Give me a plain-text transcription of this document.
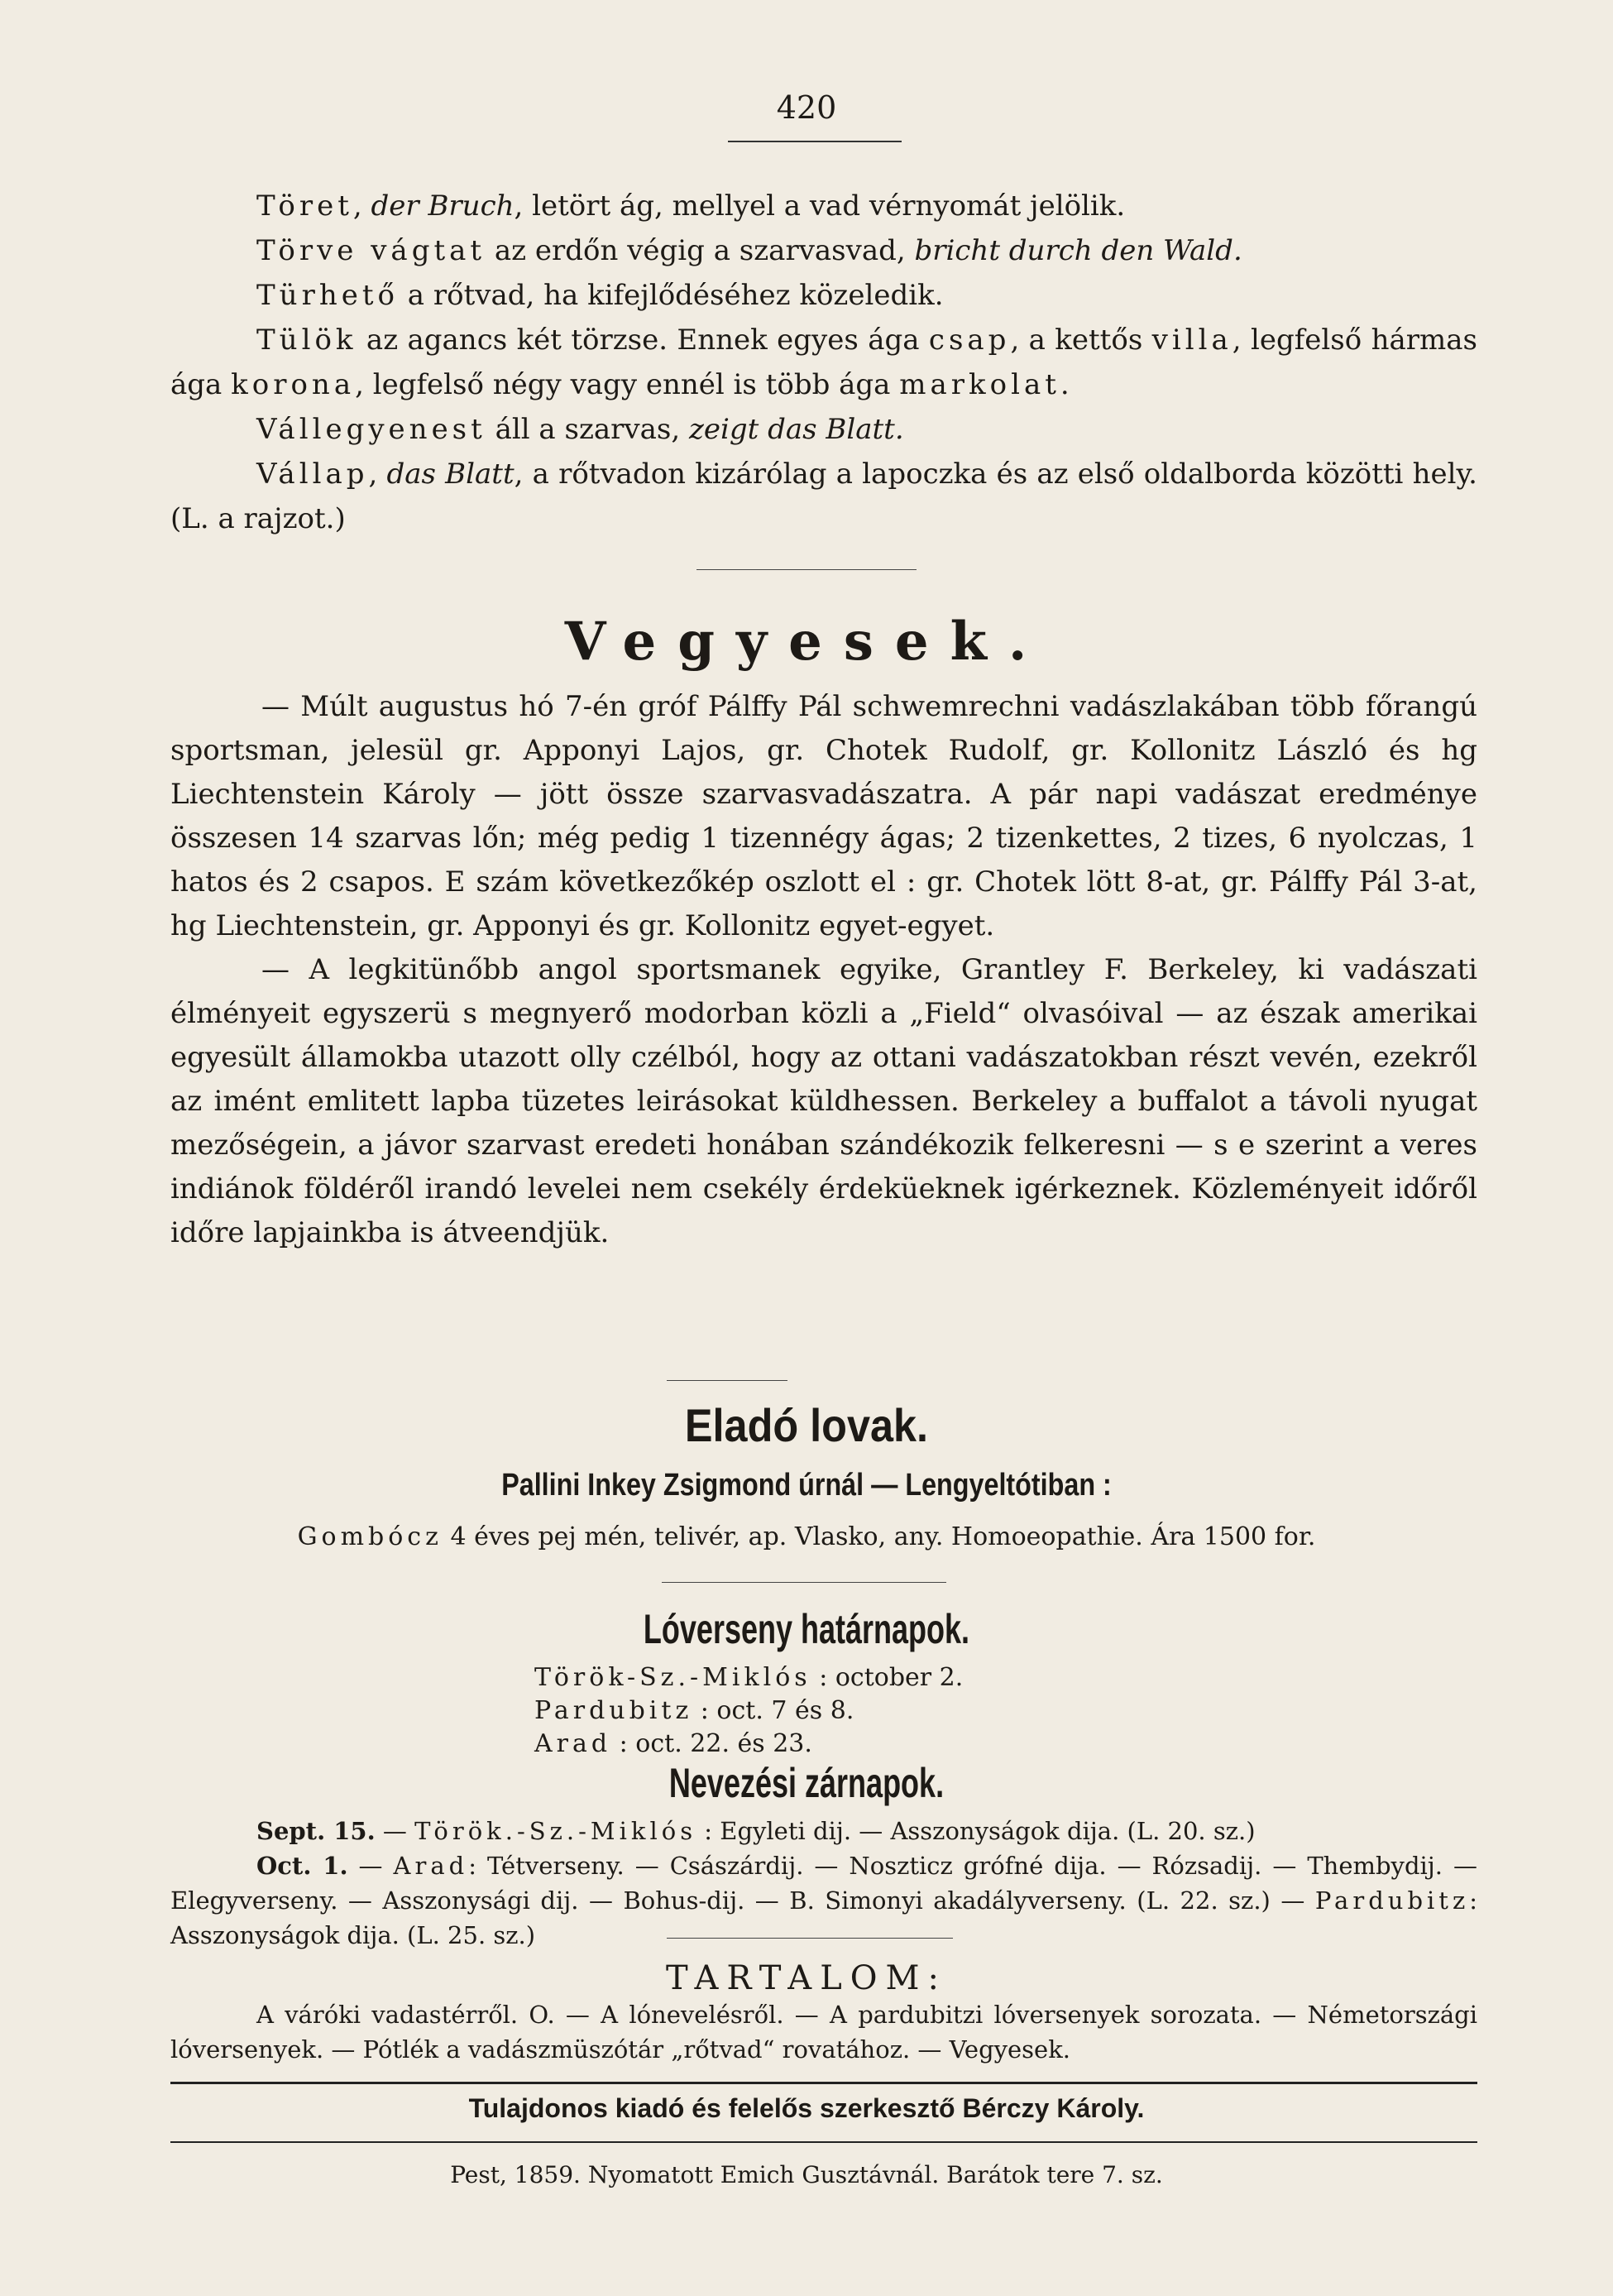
420

Töret, der Bruch, letört ág, mellyel a vad vérnyomát jelölik.

Törve vágtat az erdőn végig a szarvasvad, bricht durch den Wald.

Türhető a rőtvad, ha kifejlődéséhez közeledik.

Tülök az agancs két törzse. Ennek egyes ága csap, a kettős villa, legfelső hármas ága korona, legfelső négy vagy ennél is több ága markolat.

Vállegyenest áll a szarvas, zeigt das Blatt.

Vállap, das Blatt, a rőtvadon kizárólag a lapoczka és az első oldalborda közötti hely. (L. a rajzot.)

Vegyesek.

— Múlt augustus hó 7-én gróf Pálffy Pál schwemrechni vadászlakában több főrangú sportsman, jelesül gr. Apponyi Lajos, gr. Chotek Rudolf, gr. Kollonitz László és hg Liechtenstein Károly — jött össze szarvasvadászatra. A pár napi vadászat eredménye összesen 14 szarvas lőn; még pedig 1 tizennégy ágas; 2 tizenkettes, 2 tizes, 6 nyolczas, 1 hatos és 2 csapos. E szám következőkép oszlott el : gr. Chotek lött 8-at, gr. Pálffy Pál 3-at, hg Liechtenstein, gr. Apponyi és gr. Kollonitz egyet-egyet.

— A legkitünőbb angol sportsmanek egyike, Grantley F. Berkeley, ki vadászati élményeit egyszerü s megnyerő modorban közli a „Field“ olvasóival — az észak amerikai egyesült államokba utazott olly czélból, hogy az ottani vadászatokban részt vevén, ezekről az imént emlitett lapba tüzetes leirásokat küldhessen. Berkeley a buffalot a távoli nyugat mezőségein, a jávor szarvast eredeti honában szándékozik felkeresni — s e szerint a veres indiánok földéről irandó levelei nem csekély érdeküeknek igérkeznek. Közleményeit időről időre lapjainkba is átveendjük.

Eladó lovak.
Pallini Inkey Zsigmond úrnál — Lengyeltótiban :
Gombócz 4 éves pej mén, telivér, ap. Vlasko, any. Homoeopathie. Ára 1500 for.
Lóverseny határnapok.
Török-Sz.-Miklós : october 2.
Pardubitz : oct. 7 és 8.
Arad : oct. 22. és 23.
Nevezési zárnapok.

Sept. 15. — Török.-Sz.-Miklós : Egyleti dij. — Asszonyságok dija. (L. 20. sz.)

Oct. 1. — Arad: Tétverseny. — Császárdij. — Noszticz grófné dija. — Rózsadij. — Thembydij. — Elegyverseny. — Asszonysági dij. — Bohus-dij. — B. Simonyi akadályverseny. (L. 22. sz.) — Pardubitz: Asszonyságok dija. (L. 25. sz.)

TARTALOM:
A váróki vadastérről. O. — A lónevelésről. — A pardubitzi lóversenyek sorozata. — Németországi lóversenyek. — Pótlék a vadászmüszótár „rőtvad“ rovatához. — Vegyesek.
Tulajdonos kiadó és felelős szerkesztő Bérczy Károly.
Pest, 1859. Nyomatott Emich Gusztávnál. Barátok tere 7. sz.
